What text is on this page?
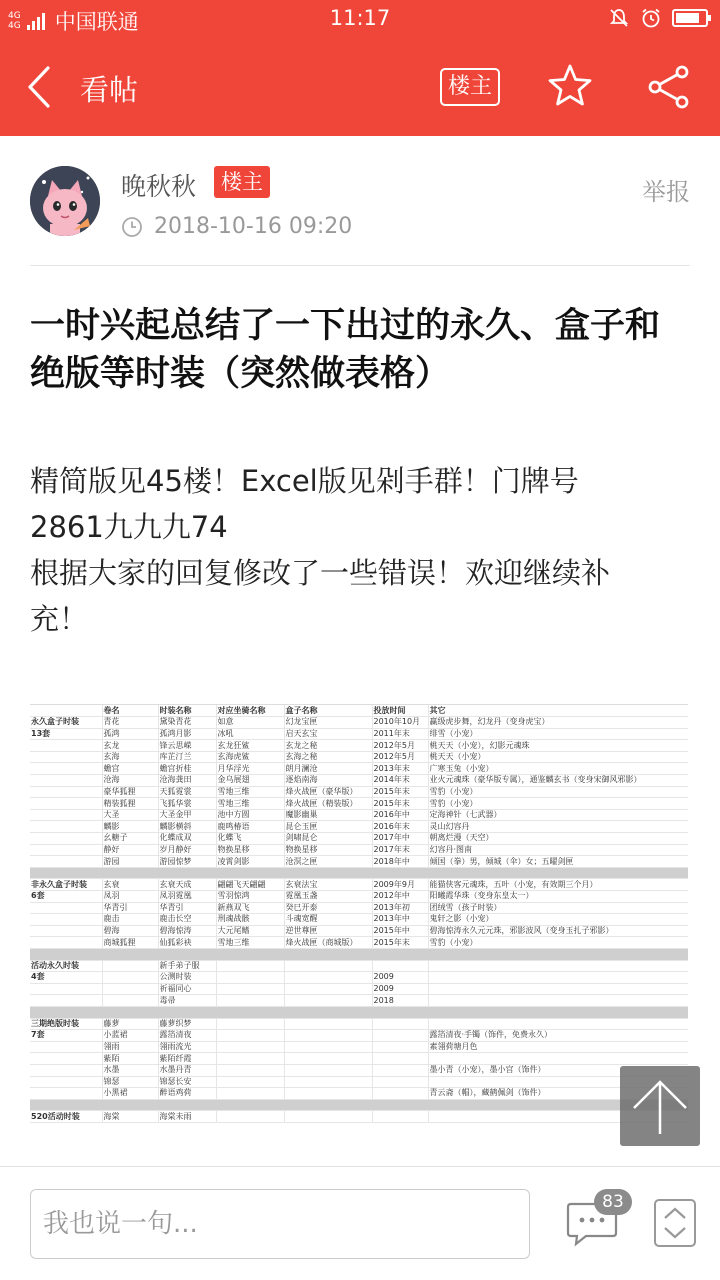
4G
4G 中国联通	11:17
看帖	楼主
晚秋秋	楼主	举报
2018-10-16 09:20
一时兴起总结了一下出过的永久、盒子和绝版等时装（突然做表格）

精简版见45楼！Excel版见剁手群！门牌号

2861九九九74

根据大家的回复修改了一些错误！欢迎继续补

充！

	卷名	时装名称	对应坐骑名称	盒子名称	投放时间	其它
永久盒子时装	青花	黛染青花	如意	幻龙宝匣	2010年10月	赢级虎步舞，幻龙丹（变身虎宝）
13套	孤鸿	孤鸿月影	冰吼	启天玄宝	2011年末	绯雪（小宠）
	玄龙	锋云思嵘	玄龙狂鲨	玄龙之秘	2012年5月	桃天天（小宠），幻影元魂珠
	玄海	库芷汀兰	玄海虎鲨	玄海之秘	2012年5月	桃天天（小宠）
	蟾宫	蟾宫折桂	月华浮光	朗月澜沧	2013年末	广寒玉兔（小宠）
	沧海	沧海龚田	金乌展翅	逐焰南海	2014年末	业火元魂珠（豪华版专属），通鉴麟玄书（变身宋御风邪影）
	豪华狐狸	天狐霓裳	雪地三维	烽火战匣（豪华版）	2015年末	雪豹（小宠）
	精装狐狸	飞狐华裳	雪地三维	烽火战匣（精装版）	2015年末	雪豹（小宠）
	大圣	大圣金甲	池中方圆	魔影幽巢	2016年中	定海神针（七武器）
	麟影	麟影横斜	鹿鸣椿语	昆仑玉匣	2016年末	灵山幻容丹
	幺糖子	化蝶成双	化蝶飞	剑啸昆仑	2017年中	朝离烂漫（天空）
	静好	岁月静好	物换星移	物换星移	2017年末	幻容丹·图南
	游园	游园惊梦	凌霄剑影	沧溟之匣	2018年中	倾国（拳）男，倾城（伞）女；五曜剑匣

非永久盒子时装	玄衰	玄衰天成	翩翩飞天翩翩	玄衰法宝	2009年9月	能猫侠客元魂珠，五叶（小宠，有效期三个月）
6套	凤羽	凤羽霓凰	雪羽惊鸿	霓凰玉盏	2012年中	阳曦霞华珠（变身东皇太一）
	华青引	华青引	新燕双飞	癸巳开泰	2013年初	团绒雪（孩子时装）
	鹿击	鹿击长空	刑魂战骸	斗魂宽醒	2013年中	鬼轩之影（小宠）
	碧海	碧海惊涛	大元尾鳍	逆世尊匣	2015年中	碧海惊涛永久元元珠，邪影波风（变身玉扎子邪影）
	商城狐狸	仙狐彩袂	雪地三维	烽火战匣（商城版）	2015年末	雪豹（小宠）

活动永久时装		新手弟子服				
4套		公测时装			2009	
		祈福同心			2009	
		毒帚			2018	

三期绝版时装	藤萝	藤萝织梦				
7套	小蓝裙	露箔清夜				露箔清夜·手镯（饰件，免费永久）
	翎雨	翎雨流光				素翎荷塘月色
	紫陌	紫陌纤霞				
	水墨	水墨丹青				墨小青（小宠），墨小宫（饰件）
	锦瑟	锦瑟长安				
	小黑裙	醉语鸡荷				青云斋（帽），藏鹤佩剑（饰件）

520活动时装	海棠	海棠未雨				
我也说一句...
83
